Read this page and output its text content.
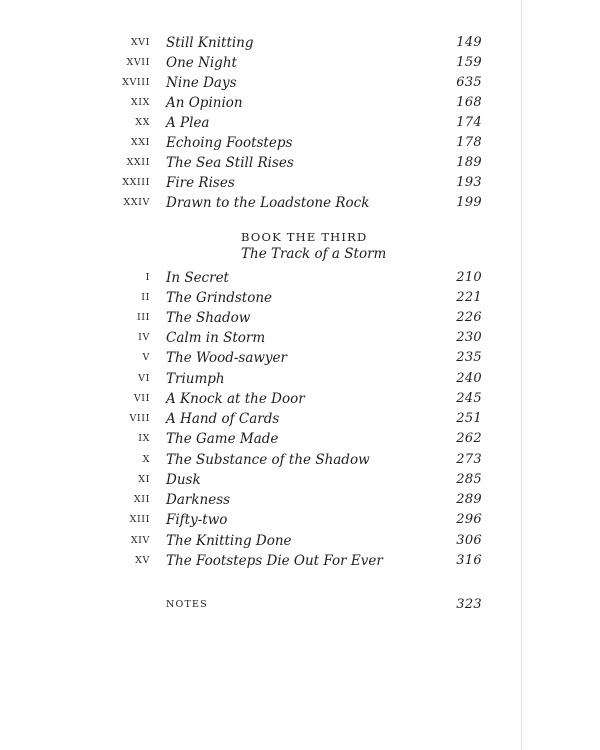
XVI Still Knitting	149
XVII One Night	159
XVIII Nine Days	635
XIX An Opinion	168
XX A Plea	174
XXI Echoing Footsteps	178
XXII The Sea Still Rises	189
XXIII Fire Rises	193
XXIV Drawn to the Loadstone Rock	199
BOOK THE THIRD
The Track of a Storm
I In Secret	210
II The Grindstone	221
III The Shadow	226
IV Calm in Storm	230
V The Wood-sawyer	235
VI Triumph	240
VII A Knock at the Door	245
VIII A Hand of Cards	251
IX The Game Made	262
X The Substance of the Shadow	273
XI Dusk	285
XII Darkness	289
XIII Fifty-two	296
XIV The Knitting Done	306
XV The Footsteps Die Out For Ever	316
NOTES	323
